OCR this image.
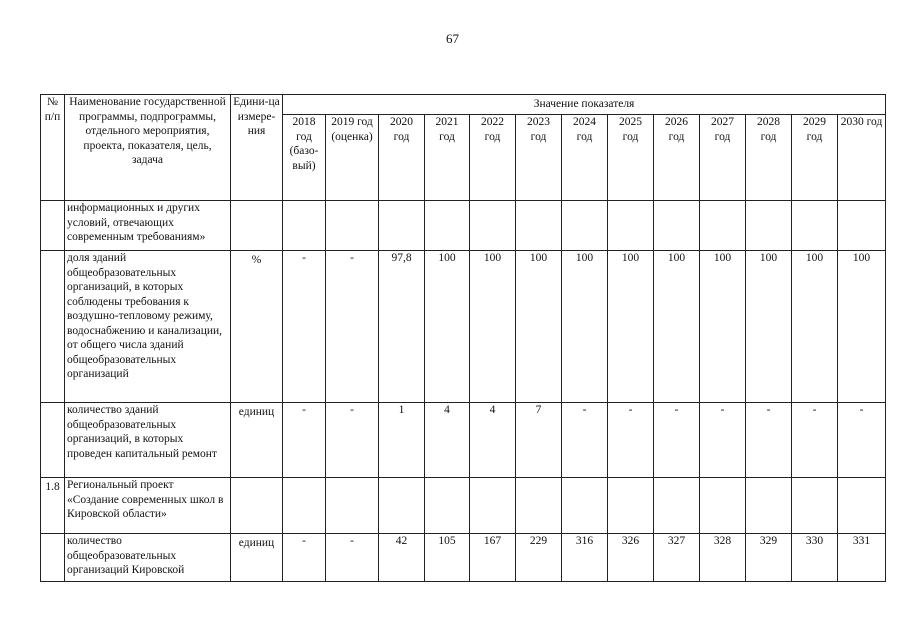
67
№ п/п	Наименование государственной программы, подпрограммы, отдельного мероприятия, проекта, показателя, цель, задача	Едини-ца измере-ния	Значение показателя												
			2018 год (базо-вый)	2019 год (оценка)	2020 год	2021 год	2022 год	2023 год	2024 год	2025 год	2026 год	2027 год	2028 год	2029 год	2030 год
	информационных и других условий, отвечающих современным требованиям»														
	доля зданий общеобразовательных организаций, в которых соблюдены требования к воздушно-тепловому режиму, водоснабжению и канализации, от общего числа зданий общеобразовательных организаций	%	-	-	97,8	100	100	100	100	100	100	100	100	100	100
	количество зданий общеобразовательных организаций, в которых проведен капитальный ремонт	единиц	-	-	1	4	4	7	-	-	-	-	-	-	-
1.8	Региональный проект «Создание современных школ в Кировской области»														
	количество общеобразовательных организаций Кировской	единиц	-	-	42	105	167	229	316	326	327	328	329	330	331
